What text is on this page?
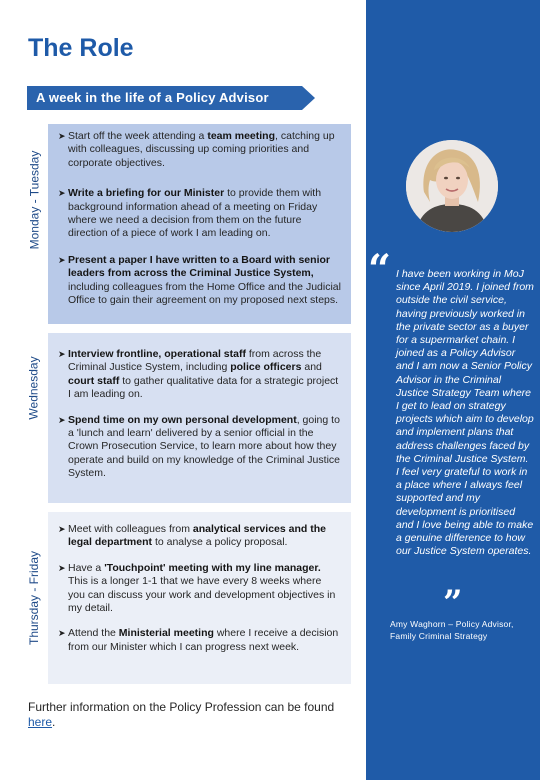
The Role
A week in the life of a Policy Advisor
Monday - Tuesday
➤ Start off the week attending a team meeting, catching up with colleagues, discussing up coming priorities and corporate objectives.
➤ Write a briefing for our Minister to provide them with background information ahead of a meeting on Friday where we need a decision from them on the future direction of a piece of work I am leading on.
➤ Present a paper I have written to a Board with senior leaders from across the Criminal Justice System, including colleagues from the Home Office and the Judicial Office to gain their agreement on my proposed next steps.
Wednesday
➤ Interview frontline, operational staff from across the Criminal Justice System, including police officers and court staff to gather qualitative data for a strategic project I am leading on.
➤ Spend time on my own personal development, going to a 'lunch and learn' delivered by a senior official in the Crown Prosecution Service, to learn more about how they operate and build on my knowledge of the Criminal Justice System.
Thursday - Friday
➤ Meet with colleagues from analytical services and the legal department to analyse a policy proposal.
➤ Have a 'Touchpoint' meeting with my line manager. This is a longer 1-1 that we have every 8 weeks where you can discuss your work and development objectives in my detail.
➤ Attend the Ministerial meeting where I receive a decision from our Minister which I can progress next week.
Further information on the Policy Profession can be found here.
“ I have been working in MoJ since April 2019. I joined from outside the civil service, having previously worked in the private sector as a buyer for a supermarket chain. I joined as a Policy Advisor and I am now a Senior Policy Advisor in the Criminal Justice Strategy Team where I get to lead on strategy projects which aim to develop and implement plans that address challenges faced by the Criminal Justice System. I feel very grateful to work in a place where I always feel supported and my development is prioritised and I love being able to make a genuine difference to how our Justice System operates.
”
Amy Waghorn – Policy Advisor, Family Criminal Strategy
